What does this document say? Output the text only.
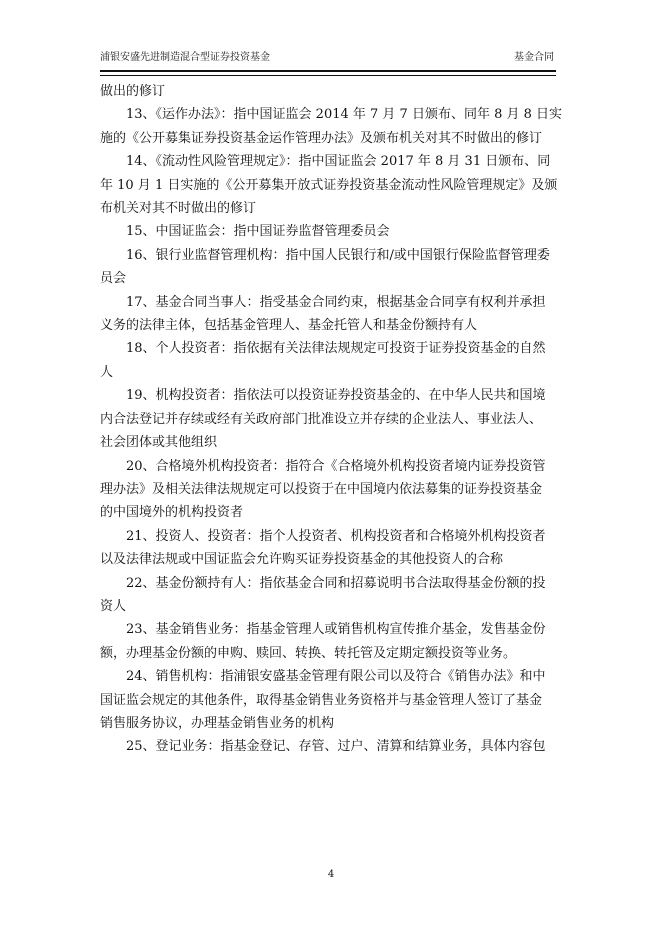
浦银安盛先进制造混合型证券投资基金	基金合同

做出的修订

13、《运作办法》：指中国证监会 2014 年 7 月 7 日颁布、同年 8 月 8 日实
施的《公开募集证券投资基金运作管理办法》及颁布机关对其不时做出的修订

14、《流动性风险管理规定》：指中国证监会 2017 年 8 月 31 日颁布、同
年 10 月 1 日实施的《公开募集开放式证券投资基金流动性风险管理规定》及颁
布机关对其不时做出的修订

15、中国证监会：指中国证券监督管理委员会

16、银行业监督管理机构：指中国人民银行和/或中国银行保险监督管理委
员会

17、基金合同当事人：指受基金合同约束，根据基金合同享有权利并承担
义务的法律主体，包括基金管理人、基金托管人和基金份额持有人

18、个人投资者：指依据有关法律法规规定可投资于证券投资基金的自然
人

19、机构投资者：指依法可以投资证券投资基金的、在中华人民共和国境
内合法登记并存续或经有关政府部门批准设立并存续的企业法人、事业法人、
社会团体或其他组织

20、合格境外机构投资者：指符合《合格境外机构投资者境内证券投资管
理办法》及相关法律法规规定可以投资于在中国境内依法募集的证券投资基金
的中国境外的机构投资者

21、投资人、投资者：指个人投资者、机构投资者和合格境外机构投资者
以及法律法规或中国证监会允许购买证券投资基金的其他投资人的合称

22、基金份额持有人：指依基金合同和招募说明书合法取得基金份额的投
资人

23、基金销售业务：指基金管理人或销售机构宣传推介基金，发售基金份
额，办理基金份额的申购、赎回、转换、转托管及定期定额投资等业务。

24、销售机构：指浦银安盛基金管理有限公司以及符合《销售办法》和中
国证监会规定的其他条件，取得基金销售业务资格并与基金管理人签订了基金
销售服务协议，办理基金销售业务的机构

25、登记业务：指基金登记、存管、过户、清算和结算业务，具体内容包

4
